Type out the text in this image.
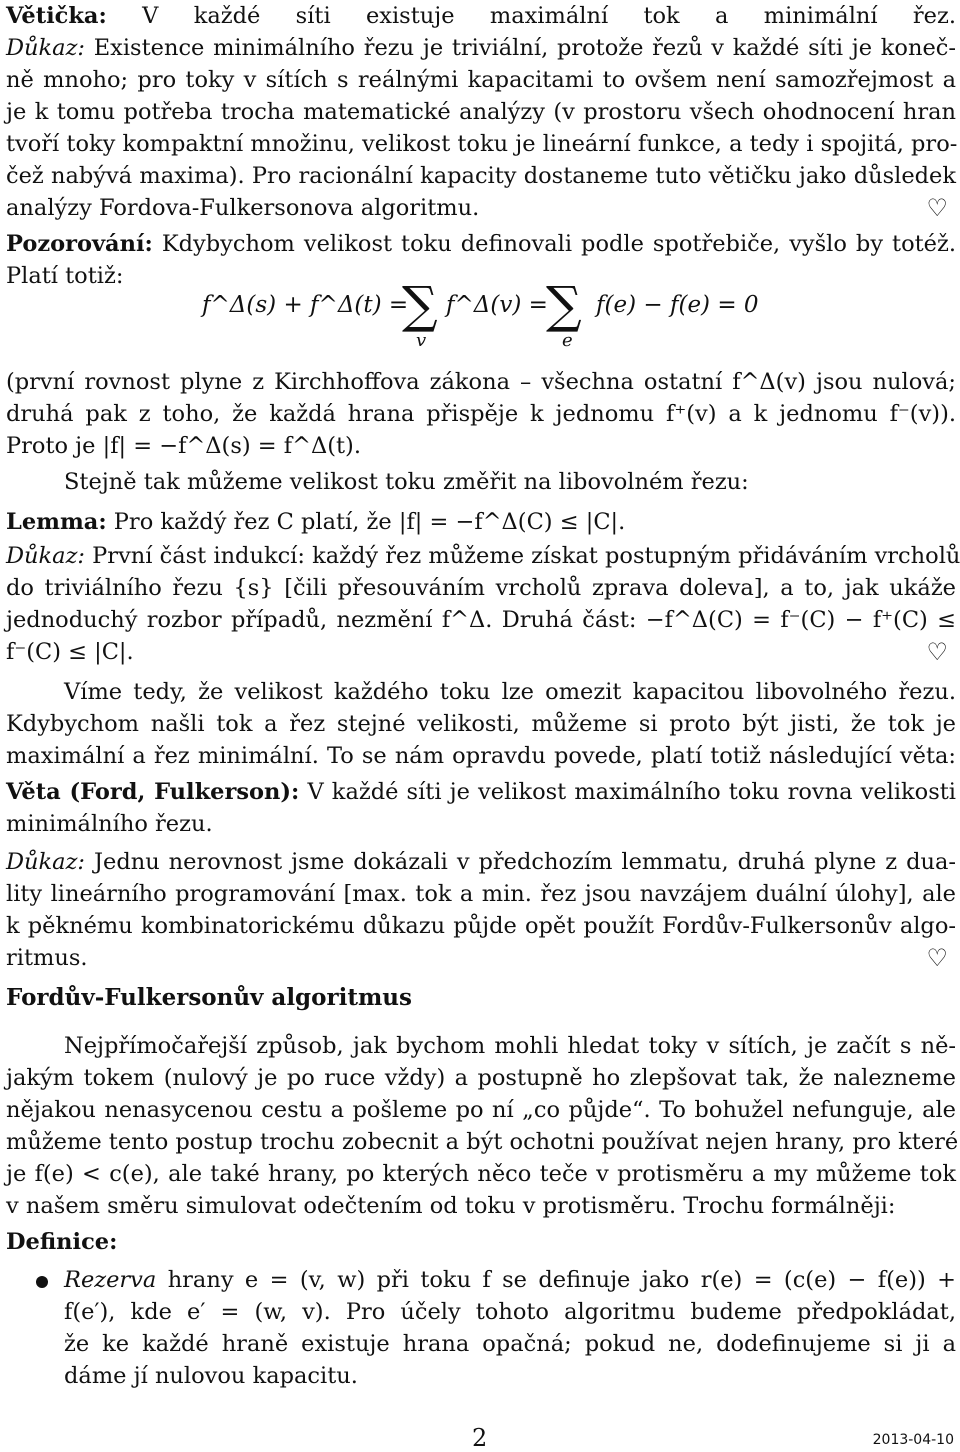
Větička: V každé síti existuje maximální tok a minimální řez.
Důkaz: Existence minimálního řezu je triviální, protože řezů v každé síti je koneč-
ně mnoho; pro toky v sítích s reálnými kapacitami to ovšem není samozřejmost a
je k tomu potřeba trocha matematické analýzy (v prostoru všech ohodnocení hran
tvoří toky kompaktní množinu, velikost toku je lineární funkce, a tedy i spojitá, pro-
čež nabývá maxima). Pro racionální kapacity dostaneme tuto větičku jako důsledek
analýzy Fordova-Fulkersonova algoritmu.	♡
Pozorování: Kdybychom velikost toku definovali podle spotřebiče, vyšlo by totéž.
Platí totiž:
f^Δ(s) + f^Δ(t) =
∑
v
f^Δ(v) =
∑
e
f(e) − f(e) = 0
(první rovnost plyne z Kirchhoffova zákona – všechna ostatní f^Δ(v) jsou nulová;
druhá pak z toho, že každá hrana přispěje k jednomu f⁺(v) a k jednomu f⁻(v)).
Proto je |f| = −f^Δ(s) = f^Δ(t).
Stejně tak můžeme velikost toku změřit na libovolném řezu:
Lemma: Pro každý řez C platí, že |f| = −f^Δ(C) ≤ |C|.
Důkaz: První část indukcí: každý řez můžeme získat postupným přidáváním vrcholů
do triviálního řezu {s} [čili přesouváním vrcholů zprava doleva], a to, jak ukáže
jednoduchý rozbor případů, nezmění f^Δ. Druhá část: −f^Δ(C) = f⁻(C) − f⁺(C) ≤
f⁻(C) ≤ |C|.	♡
Víme tedy, že velikost každého toku lze omezit kapacitou libovolného řezu.
Kdybychom našli tok a řez stejné velikosti, můžeme si proto být jisti, že tok je
maximální a řez minimální. To se nám opravdu povede, platí totiž následující věta:
Věta (Ford, Fulkerson): V každé síti je velikost maximálního toku rovna velikosti
minimálního řezu.
Důkaz: Jednu nerovnost jsme dokázali v předchozím lemmatu, druhá plyne z dua-
lity lineárního programování [max. tok a min. řez jsou navzájem duální úlohy], ale
k pěknému kombinatorickému důkazu půjde opět použít Fordův-Fulkersonův algo-
ritmus.	♡
Fordův-Fulkersonův algoritmus
Nejpřímočařejší způsob, jak bychom mohli hledat toky v sítích, je začít s ně-
jakým tokem (nulový je po ruce vždy) a postupně ho zlepšovat tak, že nalezneme
nějakou nenasycenou cestu a pošleme po ní „co půjde“. To bohužel nefunguje, ale
můžeme tento postup trochu zobecnit a být ochotni používat nejen hrany, pro které
je f(e) < c(e), ale také hrany, po kterých něco teče v protisměru a my můžeme tok
v našem směru simulovat odečtením od toku v protisměru. Trochu formálněji:
Definice:
Rezerva hrany e = (v, w) při toku f se definuje jako r(e) = (c(e) − f(e)) +
f(e′), kde e′ = (w, v). Pro účely tohoto algoritmu budeme předpokládat,
že ke každé hraně existuje hrana opačná; pokud ne, dodefinujeme si ji a
dáme jí nulovou kapacitu.
2	2013-04-10
